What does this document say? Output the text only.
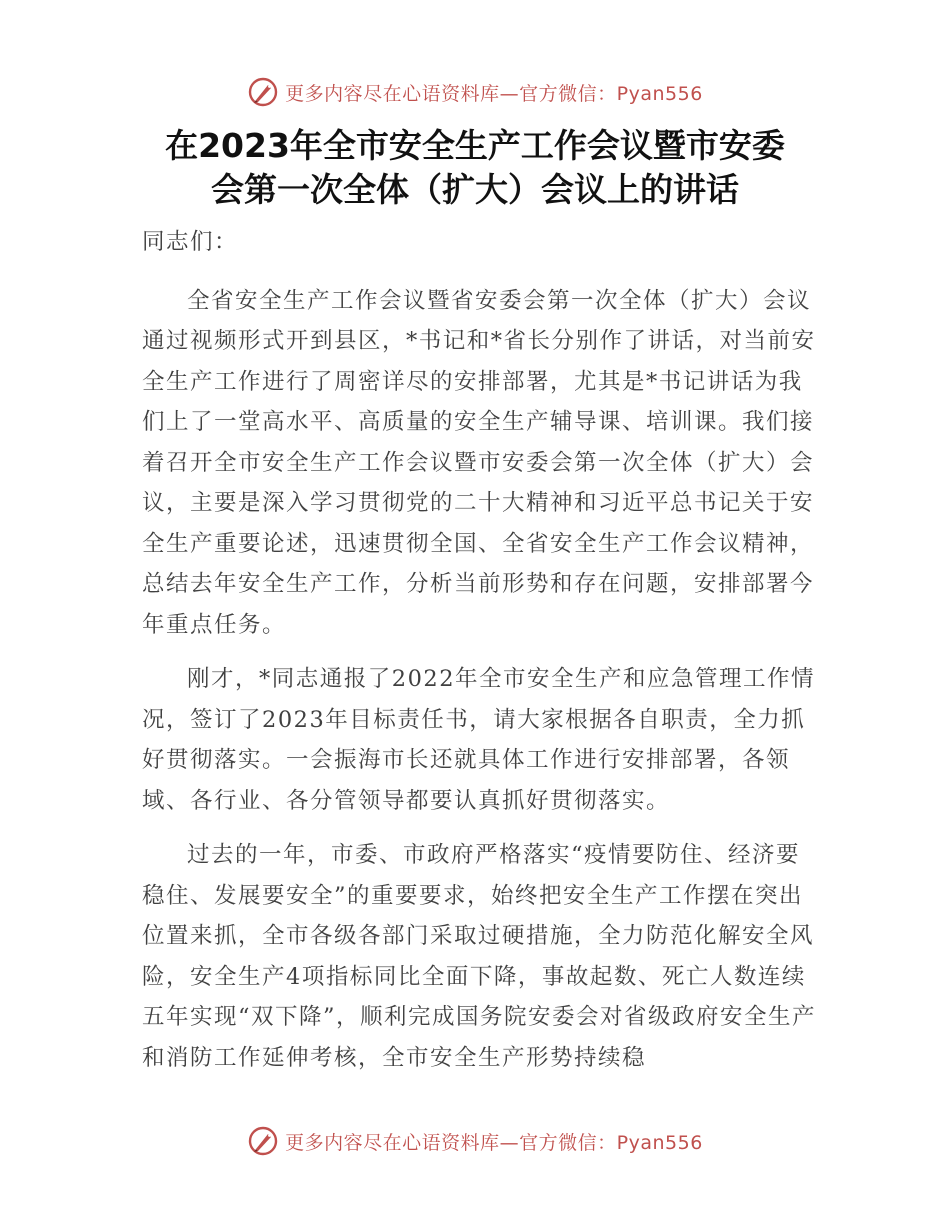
更多内容尽在心语资料库—官方微信：Pyan556
在2023年全市安全生产工作会议暨市安委
会第一次全体（扩大）会议上的讲话

同志们：

全省安全生产工作会议暨省安委会第一次全体（扩大）会议通过视频形式开到县区，*书记和*省长分别作了讲话，对当前安全生产工作进行了周密详尽的安排部署，尤其是*书记讲话为我们上了一堂高水平、高质量的安全生产辅导课、培训课。我们接着召开全市安全生产工作会议暨市安委会第一次全体（扩大）会议，主要是深入学习贯彻党的二十大精神和习近平总书记关于安全生产重要论述，迅速贯彻全国、全省安全生产工作会议精神，总结去年安全生产工作，分析当前形势和存在问题，安排部署今年重点任务。

刚才，*同志通报了2022年全市安全生产和应急管理工作情况，签订了2023年目标责任书，请大家根据各自职责，全力抓好贯彻落实。一会振海市长还就具体工作进行安排部署，各领域、各行业、各分管领导都要认真抓好贯彻落实。

过去的一年，市委、市政府严格落实“疫情要防住、经济要稳住、发展要安全”的重要要求，始终把安全生产工作摆在突出位置来抓，全市各级各部门采取过硬措施，全力防范化解安全风险，安全生产4项指标同比全面下降，事故起数、死亡人数连续五年实现“双下降”，顺利完成国务院安委会对省级政府安全生产和消防工作延伸考核，全市安全生产形势持续稳

更多内容尽在心语资料库—官方微信：Pyan556
